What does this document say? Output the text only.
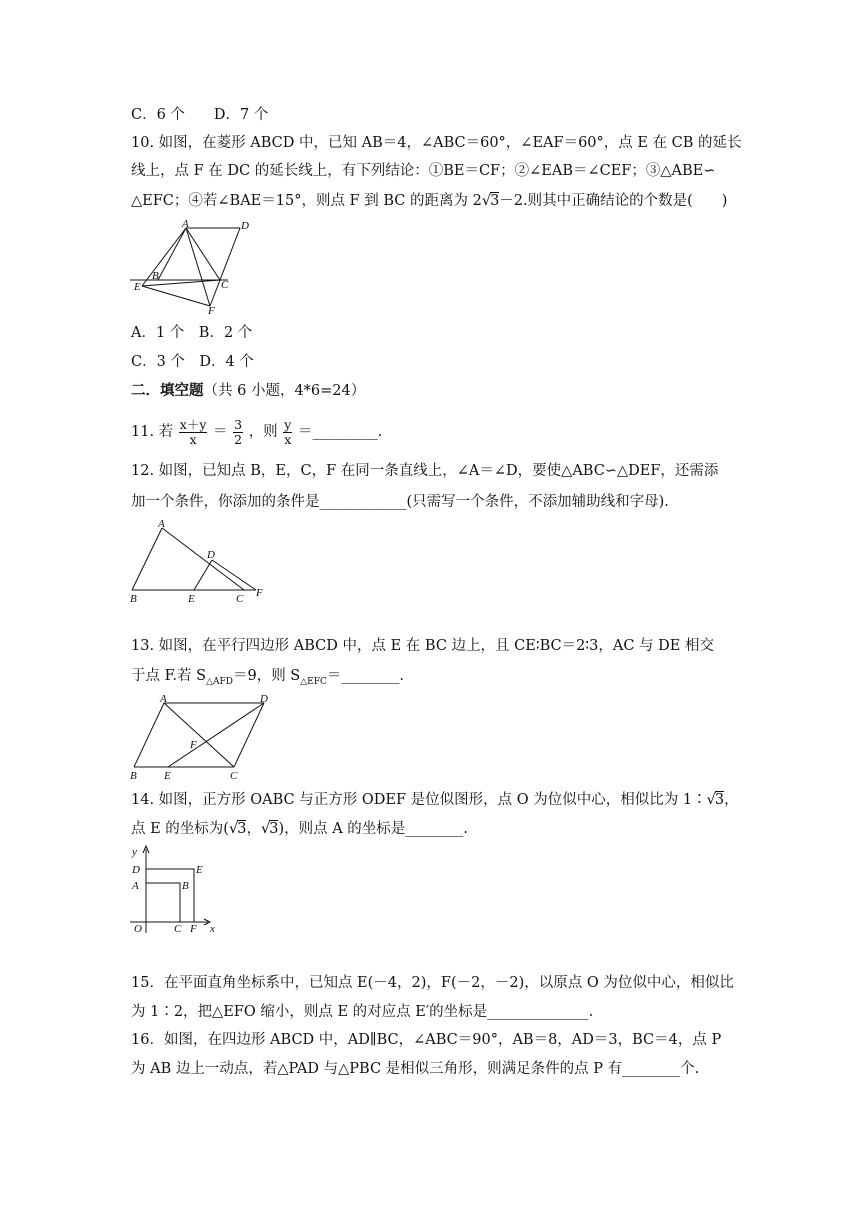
C．6 个　　D．7 个
10. 如图，在菱形 ABCD 中，已知 AB＝4，∠ABC＝60°，∠EAF＝60°，点 E 在 CB 的延长
线上，点 F 在 DC 的延长线上，有下列结论：①BE＝CF；②∠EAB＝∠CEF；③△ABE∽
△EFC；④若∠BAE＝15°，则点 F 到 BC 的距离为 2√3－2.则其中正确结论的个数是(　　)
A	D
B
C
E
F
A．1 个　B．2 个
C．3 个　D．4 个
二．填空题（共 6 小题，4*6=24）
11. 若 $\frac{x+y}{x} = \frac{3}{2}$ ，则 $\frac{y}{x}$ ＝_________.
12. 如图，已知点 B，E，C，F 在同一条直线上，∠A＝∠D，要使△ABC∽△DEF，还需添
加一个条件，你添加的条件是____________(只需写一个条件，不添加辅助线和字母).
A
D
B	E	C F
13. 如图，在平行四边形 ABCD 中，点 E 在 BC 边上，且 CE∶BC＝2∶3，AC 与 DE 相交
于点 F.若 $S_{\triangle AFD}=9$，则 $S_{\triangle EFC}=\_\_\_\_\_\_\_\_$.
A	D
F
B E	C
14. 如图，正方形 OABC 与正方形 ODEF 是位似图形，点 O 为位似中心，相似比为 1∶√3，
点 E 的坐标为(√3，√3)，则点 A 的坐标是________.
y
D	E
A	B
O	C F x
15．在平面直角坐标系中，已知点 E(－4，2)，F(－2，－2)，以原点 O 为位似中心，相似比
为 1∶2，把△EFO 缩小，则点 E 的对应点 E′的坐标是______________.
16．如图，在四边形 ABCD 中，AD∥BC，∠ABC＝90°，AB＝8，AD＝3，BC＝4，点 P
为 AB 边上一动点，若△PAD 与△PBC 是相似三角形，则满足条件的点 P 有________个.
